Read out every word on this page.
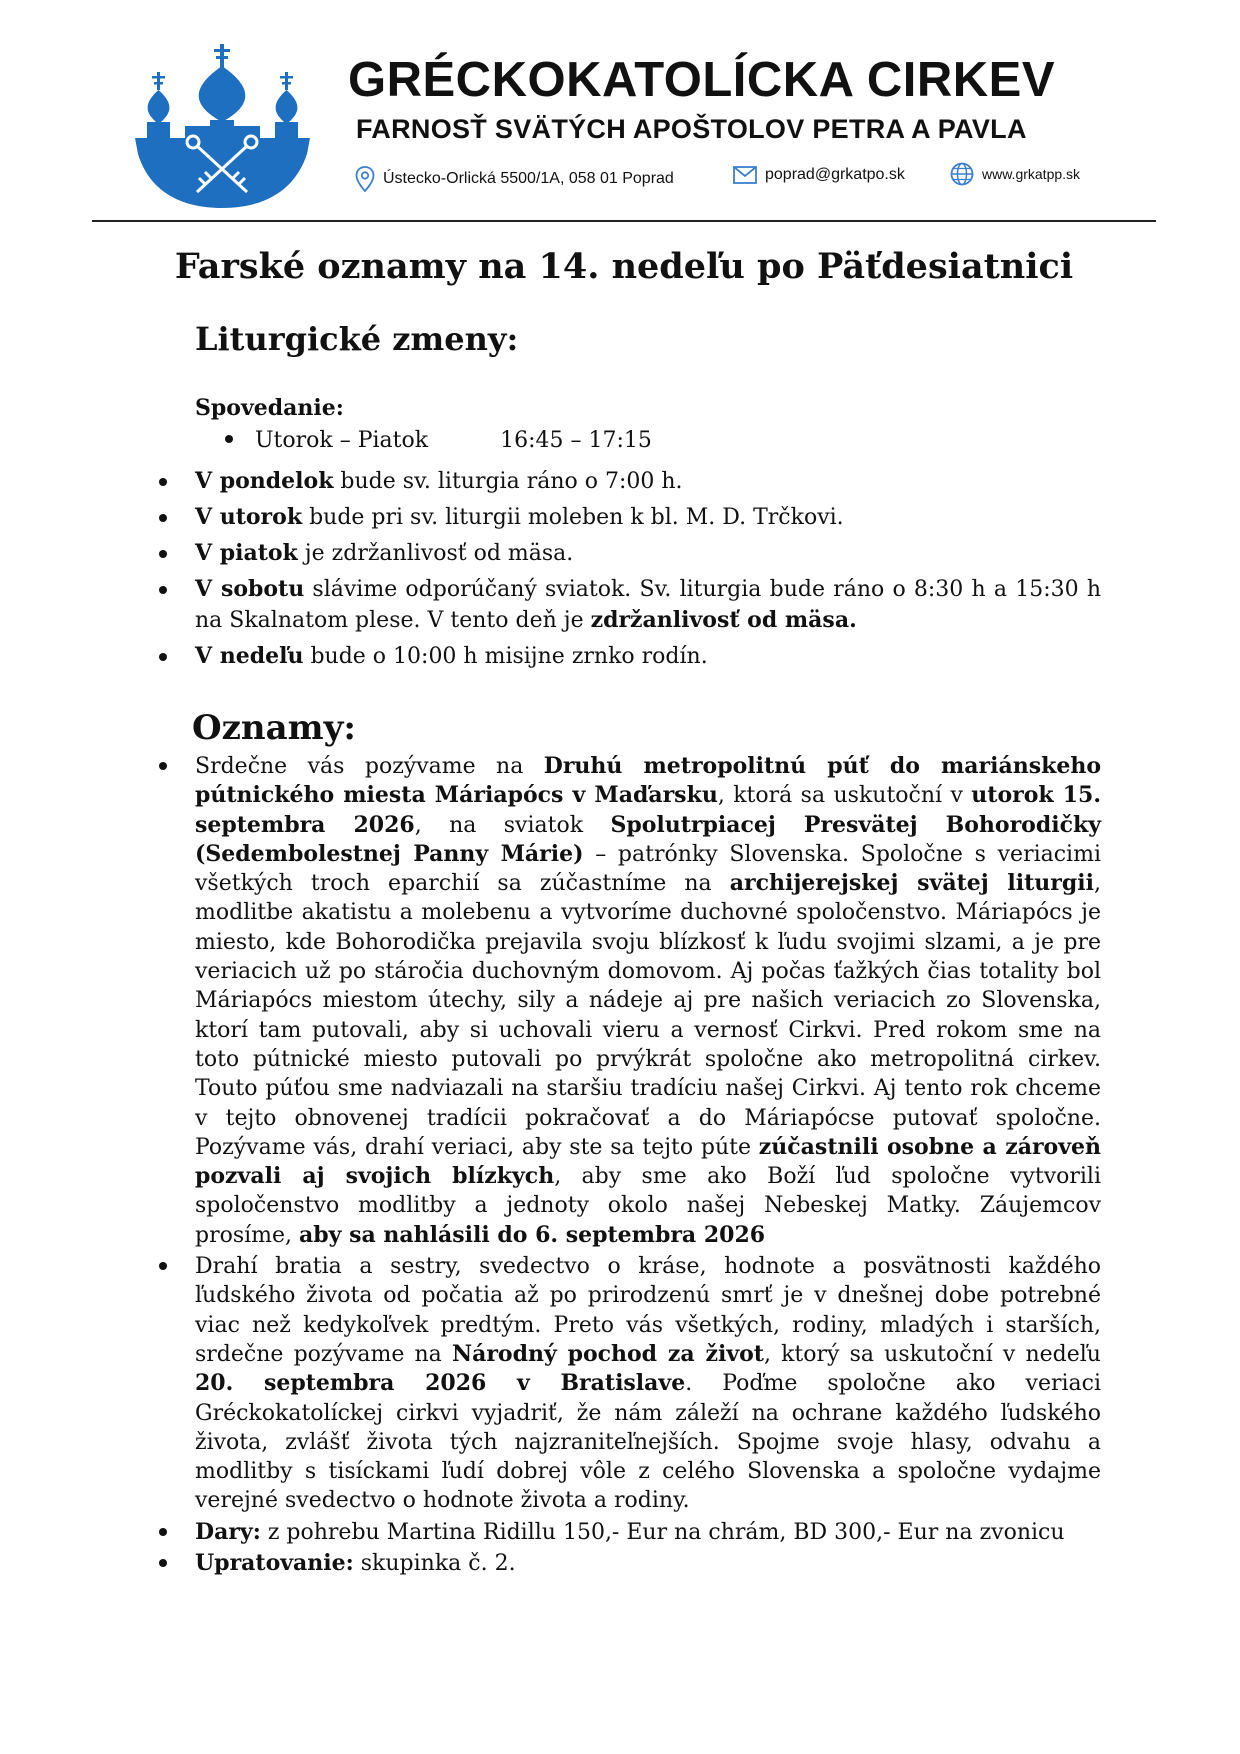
GRÉCKOKATOLÍCKA CIRKEV
FARNOSŤ SVÄTÝCH APOŠTOLOV PETRA A PAVLA
Ústecko-Orlická 5500/1A, 058 01 Poprad	poprad@grkatpo.sk	www.grkatpp.sk
Farské oznamy na 14. nedeľu po Päťdesiatnici
Liturgické zmeny:
Spovedanie:
Utorok – Piatok	16:45 – 17:15
V pondelok bude sv. liturgia ráno o 7:00 h.
V utorok bude pri sv. liturgii moleben k bl. M. D. Trčkovi.
V piatok je zdržanlivosť od mäsa.
V sobotu slávime odporúčaný sviatok. Sv. liturgia bude ráno o 8:30 h a 15:30 h na Skalnatom plese. V tento deň je zdržanlivosť od mäsa.
V nedeľu bude o 10:00 h misijne zrnko rodín.
Oznamy:
Srdečne vás pozývame na Druhú metropolitnú púť do mariánskeho pútnického miesta Máriapócs v Maďarsku, ktorá sa uskutoční v utorok 15. septembra 2026, na sviatok Spolutrpiacej Presvätej Bohorodičky (Sedembolestnej Panny Márie) – patrónky Slovenska. Spoločne s veriacimi všetkých troch eparchií sa zúčastníme na archijerejskej svätej liturgii, modlitbe akatistu a molebenu a vytvoríme duchovné spoločenstvo. Máriapócs je miesto, kde Bohorodička prejavila svoju blízkosť k ľudu svojimi slzami, a je pre veriacich už po stáročia duchovným domovom. Aj počas ťažkých čias totality bol Máriapócs miestom útechy, sily a nádeje aj pre našich veriacich zo Slovenska, ktorí tam putovali, aby si uchovali vieru a vernosť Cirkvi. Pred rokom sme na toto pútnické miesto putovali po prvýkrát spoločne ako metropolitná cirkev. Touto púťou sme nadviazali na staršiu tradíciu našej Cirkvi. Aj tento rok chceme v tejto obnovenej tradícii pokračovať a do Máriapócse putovať spoločne. Pozývame vás, drahí veriaci, aby ste sa tejto púte zúčastnili osobne a zároveň pozvali aj svojich blízkych, aby sme ako Boží ľud spoločne vytvorili spoločenstvo modlitby a jednoty okolo našej Nebeskej Matky. Záujemcov prosíme, aby sa nahlásili do 6. septembra 2026
Drahí bratia a sestry, svedectvo o kráse, hodnote a posvätnosti každého ľudského života od počatia až po prirodzenú smrť je v dnešnej dobe potrebné viac než kedykoľvek predtým. Preto vás všetkých, rodiny, mladých i starších, srdečne pozývame na Národný pochod za život, ktorý sa uskutoční v nedeľu 20. septembra 2026 v Bratislave. Poďme spoločne ako veriaci Gréckokatolíckej cirkvi vyjadriť, že nám záleží na ochrane každého ľudského života, zvlášť života tých najzraniteľnejších. Spojme svoje hlasy, odvahu a modlitby s tisíckami ľudí dobrej vôle z celého Slovenska a spoločne vydajme verejné svedectvo o hodnote života a rodiny.
Dary: z pohrebu Martina Ridillu 150,- Eur na chrám, BD 300,- Eur na zvonicu
Upratovanie: skupinka č. 2.
